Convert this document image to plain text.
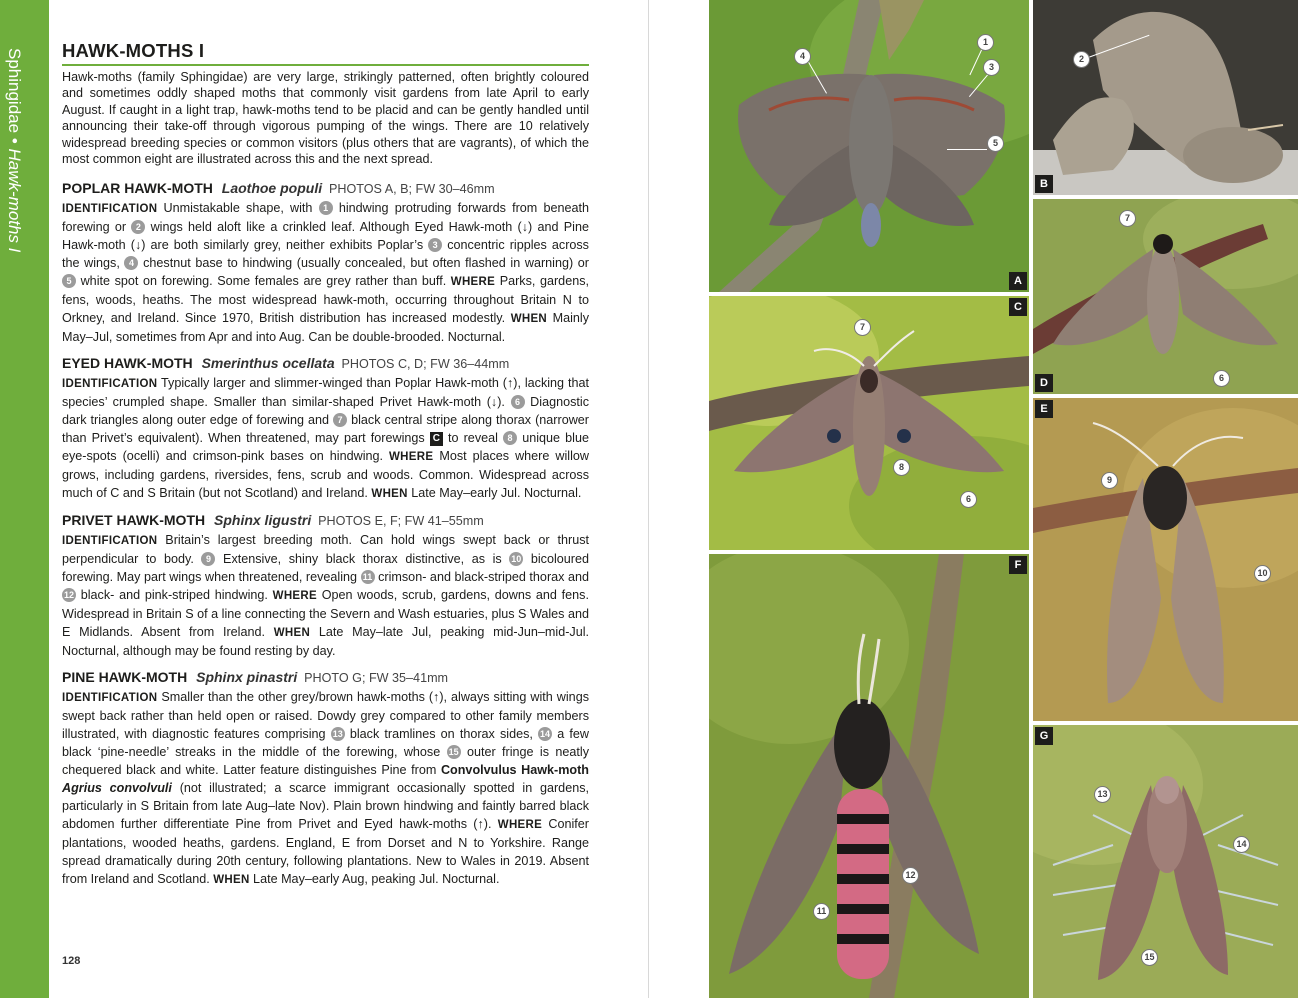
Sphingidae • Hawk-moths I
HAWK-MOTHS I

Hawk-moths (family Sphingidae) are very large, strikingly patterned, often brightly coloured and sometimes oddly shaped moths that commonly visit gardens from late April to early August. If caught in a light trap, hawk-moths tend to be placid and can be gently handled until announcing their take-off through vigorous pumping of the wings. There are 10 relatively widespread breeding species or common visitors (plus others that are vagrants), of which the most common eight are illustrated across this and the next spread.

POPLAR HAWK-MOTH Laothoe populi PHOTOS A, B; FW 30–46mm

IDENTIFICATION Unmistakable shape, with 1 hindwing protruding forwards from beneath forewing or 2 wings held aloft like a crinkled leaf. Although Eyed Hawk-moth (↓) and Pine Hawk-moth (↓) are both similarly grey, neither exhibits Poplar’s 3 concentric ripples across the wings, 4 chestnut base to hindwing (usually concealed, but often flashed in warning) or 5 white spot on forewing. Some females are grey rather than buff. WHERE Parks, gardens, fens, woods, heaths. The most widespread hawk-moth, occurring throughout Britain N to Orkney, and Ireland. Since 1970, British distribution has increased modestly. WHEN Mainly May–Jul, sometimes from Apr and into Aug. Can be double-brooded. Nocturnal.

EYED HAWK-MOTH Smerinthus ocellata PHOTOS C, D; FW 36–44mm

IDENTIFICATION Typically larger and slimmer-winged than Poplar Hawk-moth (↑), lacking that species’ crumpled shape. Smaller than similar-shaped Privet Hawk-moth (↓). 6 Diagnostic dark triangles along outer edge of forewing and 7 black central stripe along thorax (narrower than Privet’s equivalent). When threatened, may part forewings C to reveal 8 unique blue eye-spots (ocelli) and crimson-pink bases on hindwing. WHERE Most places where willow grows, including gardens, riversides, fens, scrub and woods. Common. Widespread across much of C and S Britain (but not Scotland) and Ireland. WHEN Late May–early Jul. Nocturnal.

PRIVET HAWK-MOTH Sphinx ligustri PHOTOS E, F; FW 41–55mm

IDENTIFICATION Britain’s largest breeding moth. Can hold wings swept back or thrust perpendicular to body. 9 Extensive, shiny black thorax distinctive, as is 10 bicoloured forewing. May part wings when threatened, revealing 11 crimson- and black-striped thorax and 12 black- and pink-striped hindwing. WHERE Open woods, scrub, gardens, downs and fens. Widespread in Britain S of a line connecting the Severn and Wash estuaries, plus S Wales and E Midlands. Absent from Ireland. WHEN Late May–late Jul, peaking mid-Jun–mid-Jul. Nocturnal, although may be found resting by day.

PINE HAWK-MOTH Sphinx pinastri PHOTO G; FW 35–41mm

IDENTIFICATION Smaller than the other grey/brown hawk-moths (↑), always sitting with wings swept back rather than held open or raised. Dowdy grey compared to other family members illustrated, with diagnostic features comprising 13 black tramlines on thorax sides, 14 a few black ‘pine-needle’ streaks in the middle of the forewing, whose 15 outer fringe is neatly chequered black and white. Latter feature distinguishes Pine from Convolvulus Hawk-moth Agrius convolvuli (not illustrated; a scarce immigrant occasionally spotted in gardens, particularly in S Britain from late Aug–late Nov). Plain brown hindwing and faintly barred black abdomen further differentiate Pine from Privet and Eyed hawk-moths (↑). WHERE Conifer plantations, wooded heaths, gardens. England, E from Dorset and N to Yorkshire. Range spread dramatically during 20th century, following plantations. New to Wales in 2019. Absent from Ireland and Scotland. WHEN Late May–early Aug, peaking Jul. Nocturnal.

128
1
3
4
5
A
2
B
7
8
6
C
7
6
D
9
10
E
11
12
F
13
14
15
G
